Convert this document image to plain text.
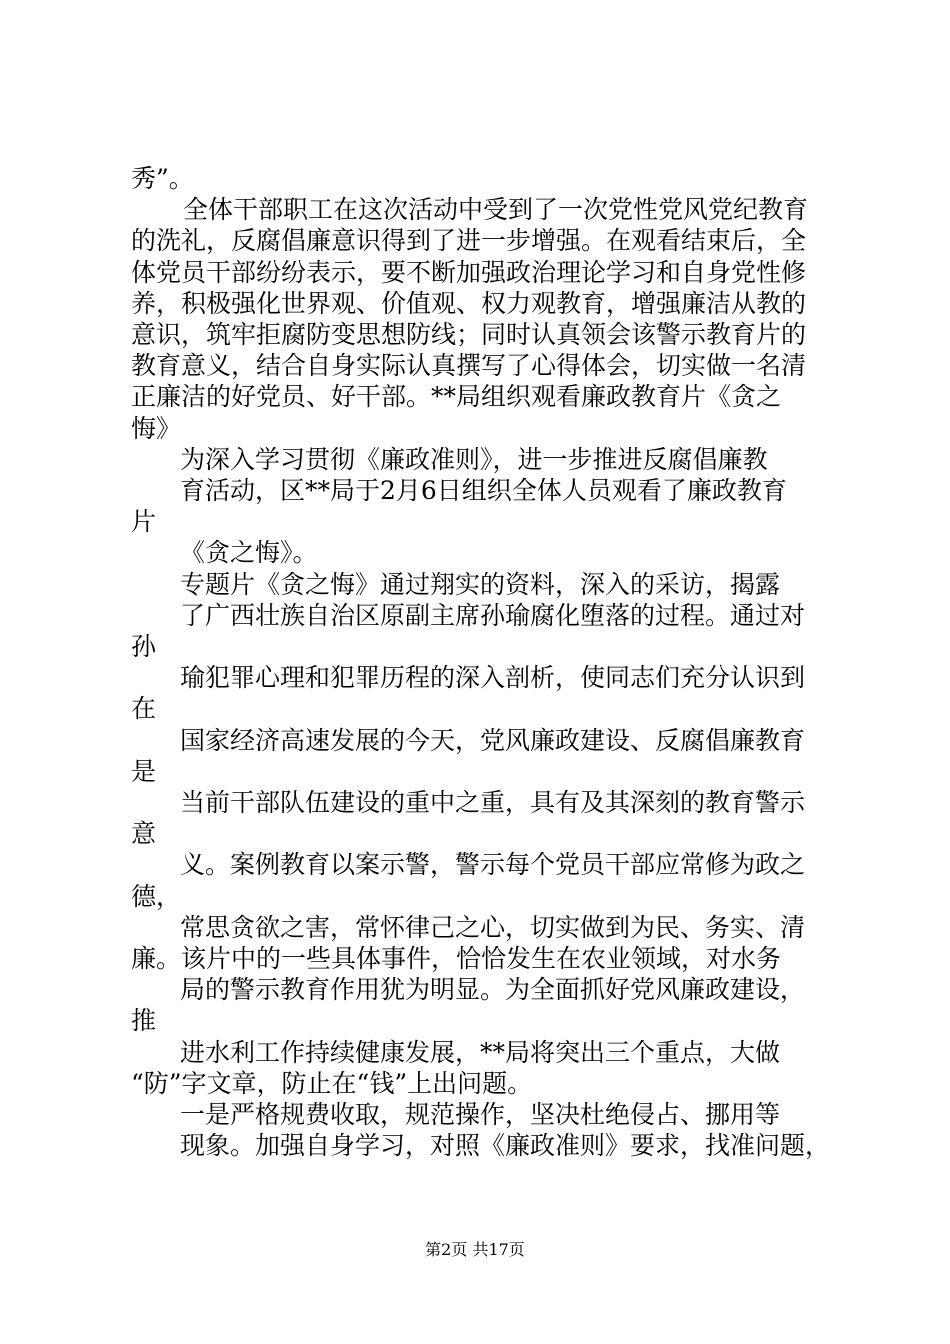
秀”。
全体干部职工在这次活动中受到了一次党性党风党纪教育
的洗礼，反腐倡廉意识得到了进一步增强。在观看结束后，全
体党员干部纷纷表示，要不断加强政治理论学习和自身党性修
养，积极强化世界观、价值观、权力观教育，增强廉洁从教的
意识，筑牢拒腐防变思想防线；同时认真领会该警示教育片的
教育意义，结合自身实际认真撰写了心得体会，切实做一名清
正廉洁的好党员、好干部。**局组织观看廉政教育片《贪之
悔》
为深入学习贯彻《廉政准则》，进一步推进反腐倡廉教
育活动，区**局于2月6日组织全体人员观看了廉政教育
片
《贪之悔》。
专题片《贪之悔》通过翔实的资料，深入的采访，揭露
了广西壮族自治区原副主席孙瑜腐化堕落的过程。通过对
孙
瑜犯罪心理和犯罪历程的深入剖析，使同志们充分认识到
在
国家经济高速发展的今天，党风廉政建设、反腐倡廉教育
是
当前干部队伍建设的重中之重，具有及其深刻的教育警示
意
义。案例教育以案示警，警示每个党员干部应常修为政之
德，
常思贪欲之害，常怀律己之心，切实做到为民、务实、清
廉。该片中的一些具体事件，恰恰发生在农业领域，对水务
局的警示教育作用犹为明显。为全面抓好党风廉政建设，
推
进水利工作持续健康发展，**局将突出三个重点，大做
“防”字文章，防止在“钱”上出问题。
一是严格规费收取，规范操作，坚决杜绝侵占、挪用等
现象。加强自身学习，对照《廉政准则》要求，找准问题，
第2页 共17页
